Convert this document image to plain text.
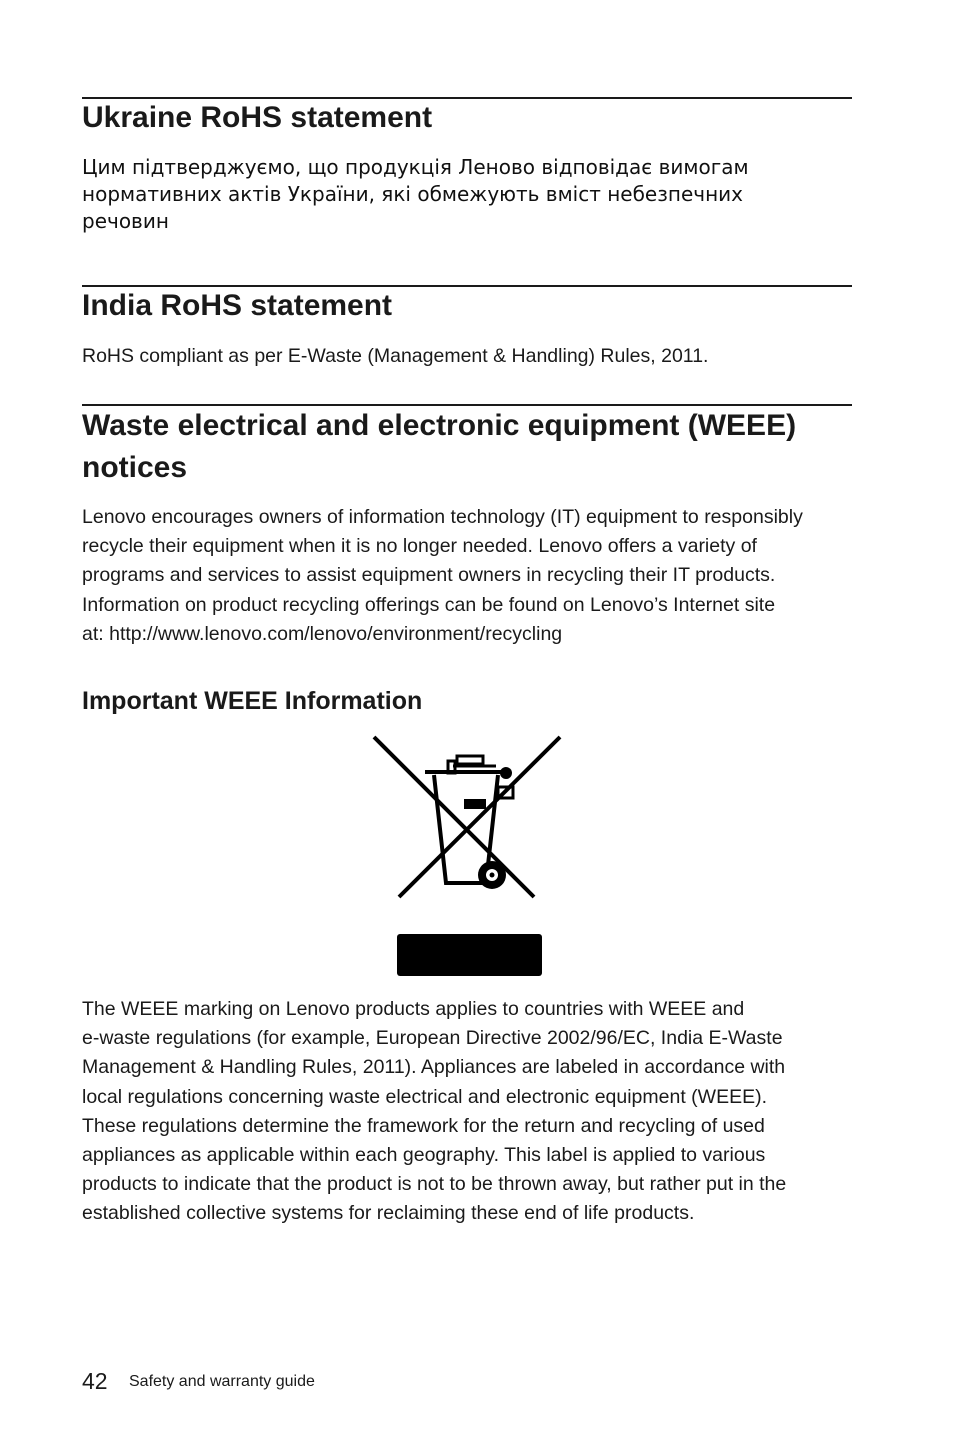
Ukraine RoHS statement
Цим підтверджуємо, що продукція Леново відповідає вимогам
нормативних актів України, які обмежують вміст небезпечних
речовин
India RoHS statement

RoHS compliant as per E-Waste (Management & Handling) Rules, 2011.

Waste electrical and electronic equipment (WEEE)
notices
Lenovo encourages owners of information technology (IT) equipment to responsibly
recycle their equipment when it is no longer needed. Lenovo offers a variety of
programs and services to assist equipment owners in recycling their IT products.
Information on product recycling offerings can be found on Lenovo’s Internet site
at: http://www.lenovo.com/lenovo/environment/recycling
Important WEEE Information
The WEEE marking on Lenovo products applies to countries with WEEE and
e-waste regulations (for example, European Directive 2002/96/EC, India E-Waste
Management & Handling Rules, 2011). Appliances are labeled in accordance with
local regulations concerning waste electrical and electronic equipment (WEEE).
These regulations determine the framework for the return and recycling of used
appliances as applicable within each geography. This label is applied to various
products to indicate that the product is not to be thrown away, but rather put in the
established collective systems for reclaiming these end of life products.
42 Safety and warranty guide
